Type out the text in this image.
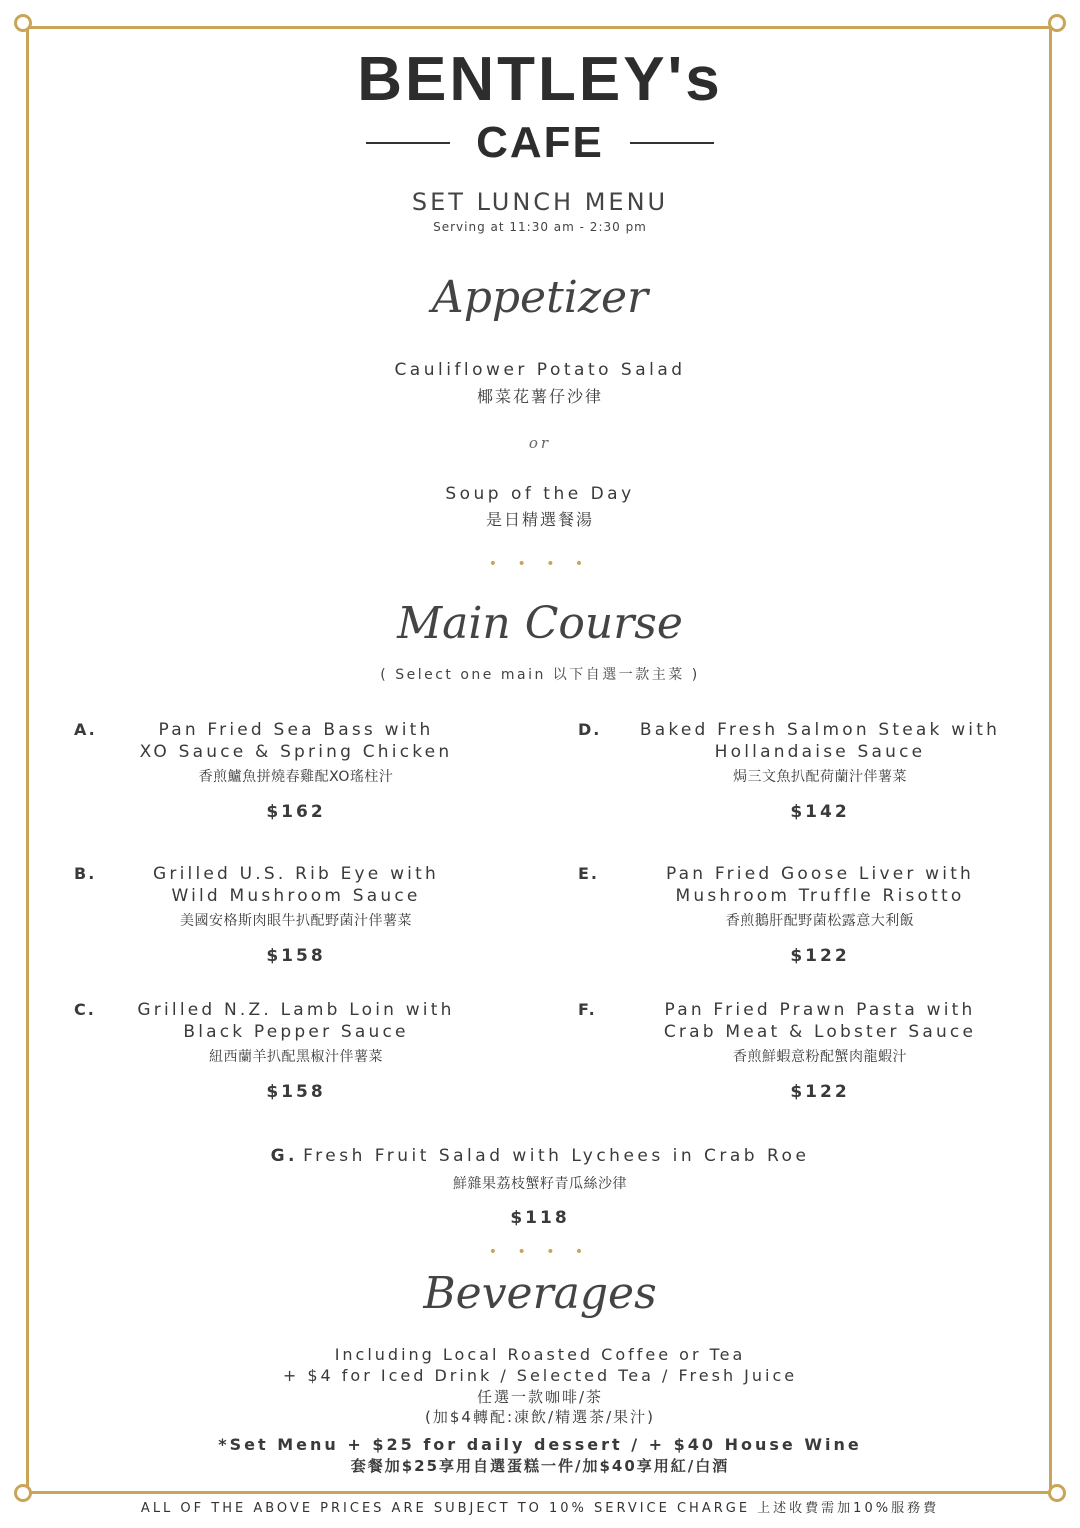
BENTLEY's
CAFE
SET LUNCH MENU
Serving at 11:30 am - 2:30 pm
Appetizer
Cauliflower Potato Salad
椰菜花薯仔沙律
or
Soup of the Day
是日精選餐湯
• • • •
Main Course
( Select one main 以下自選一款主菜 )
A.	Pan Fried Sea Bass with
XO Sauce & Spring Chicken
香煎鱸魚拼燒春雞配XO瑤柱汁
$162
B.	Grilled U.S. Rib Eye with
Wild Mushroom Sauce
美國安格斯肉眼牛扒配野菌汁伴薯菜
$158
C.	Grilled N.Z. Lamb Loin with
Black Pepper Sauce
紐西蘭羊扒配黑椒汁伴薯菜
$158
D.	Baked Fresh Salmon Steak with
Hollandaise Sauce
焗三文魚扒配荷蘭汁伴薯菜
$142
E.	Pan Fried Goose Liver with
Mushroom Truffle Risotto
香煎鵝肝配野菌松露意大利飯
$122
F.	Pan Fried Prawn Pasta with
Crab Meat & Lobster Sauce
香煎鮮蝦意粉配蟹肉龍蝦汁
$122
G. Fresh Fruit Salad with Lychees in Crab Roe
鮮雜果荔枝蟹籽青瓜絲沙律
$118
• • • •
Beverages
Including Local Roasted Coffee or Tea
+ $4 for Iced Drink / Selected Tea / Fresh Juice
任選一款咖啡/茶
(加$4轉配:凍飲/精選茶/果汁)
*Set Menu + $25 for daily dessert / + $40 House Wine
套餐加$25享用自選蛋糕一件/加$40享用紅/白酒
ALL OF THE ABOVE PRICES ARE SUBJECT TO 10% SERVICE CHARGE 上述收費需加10%服務費
